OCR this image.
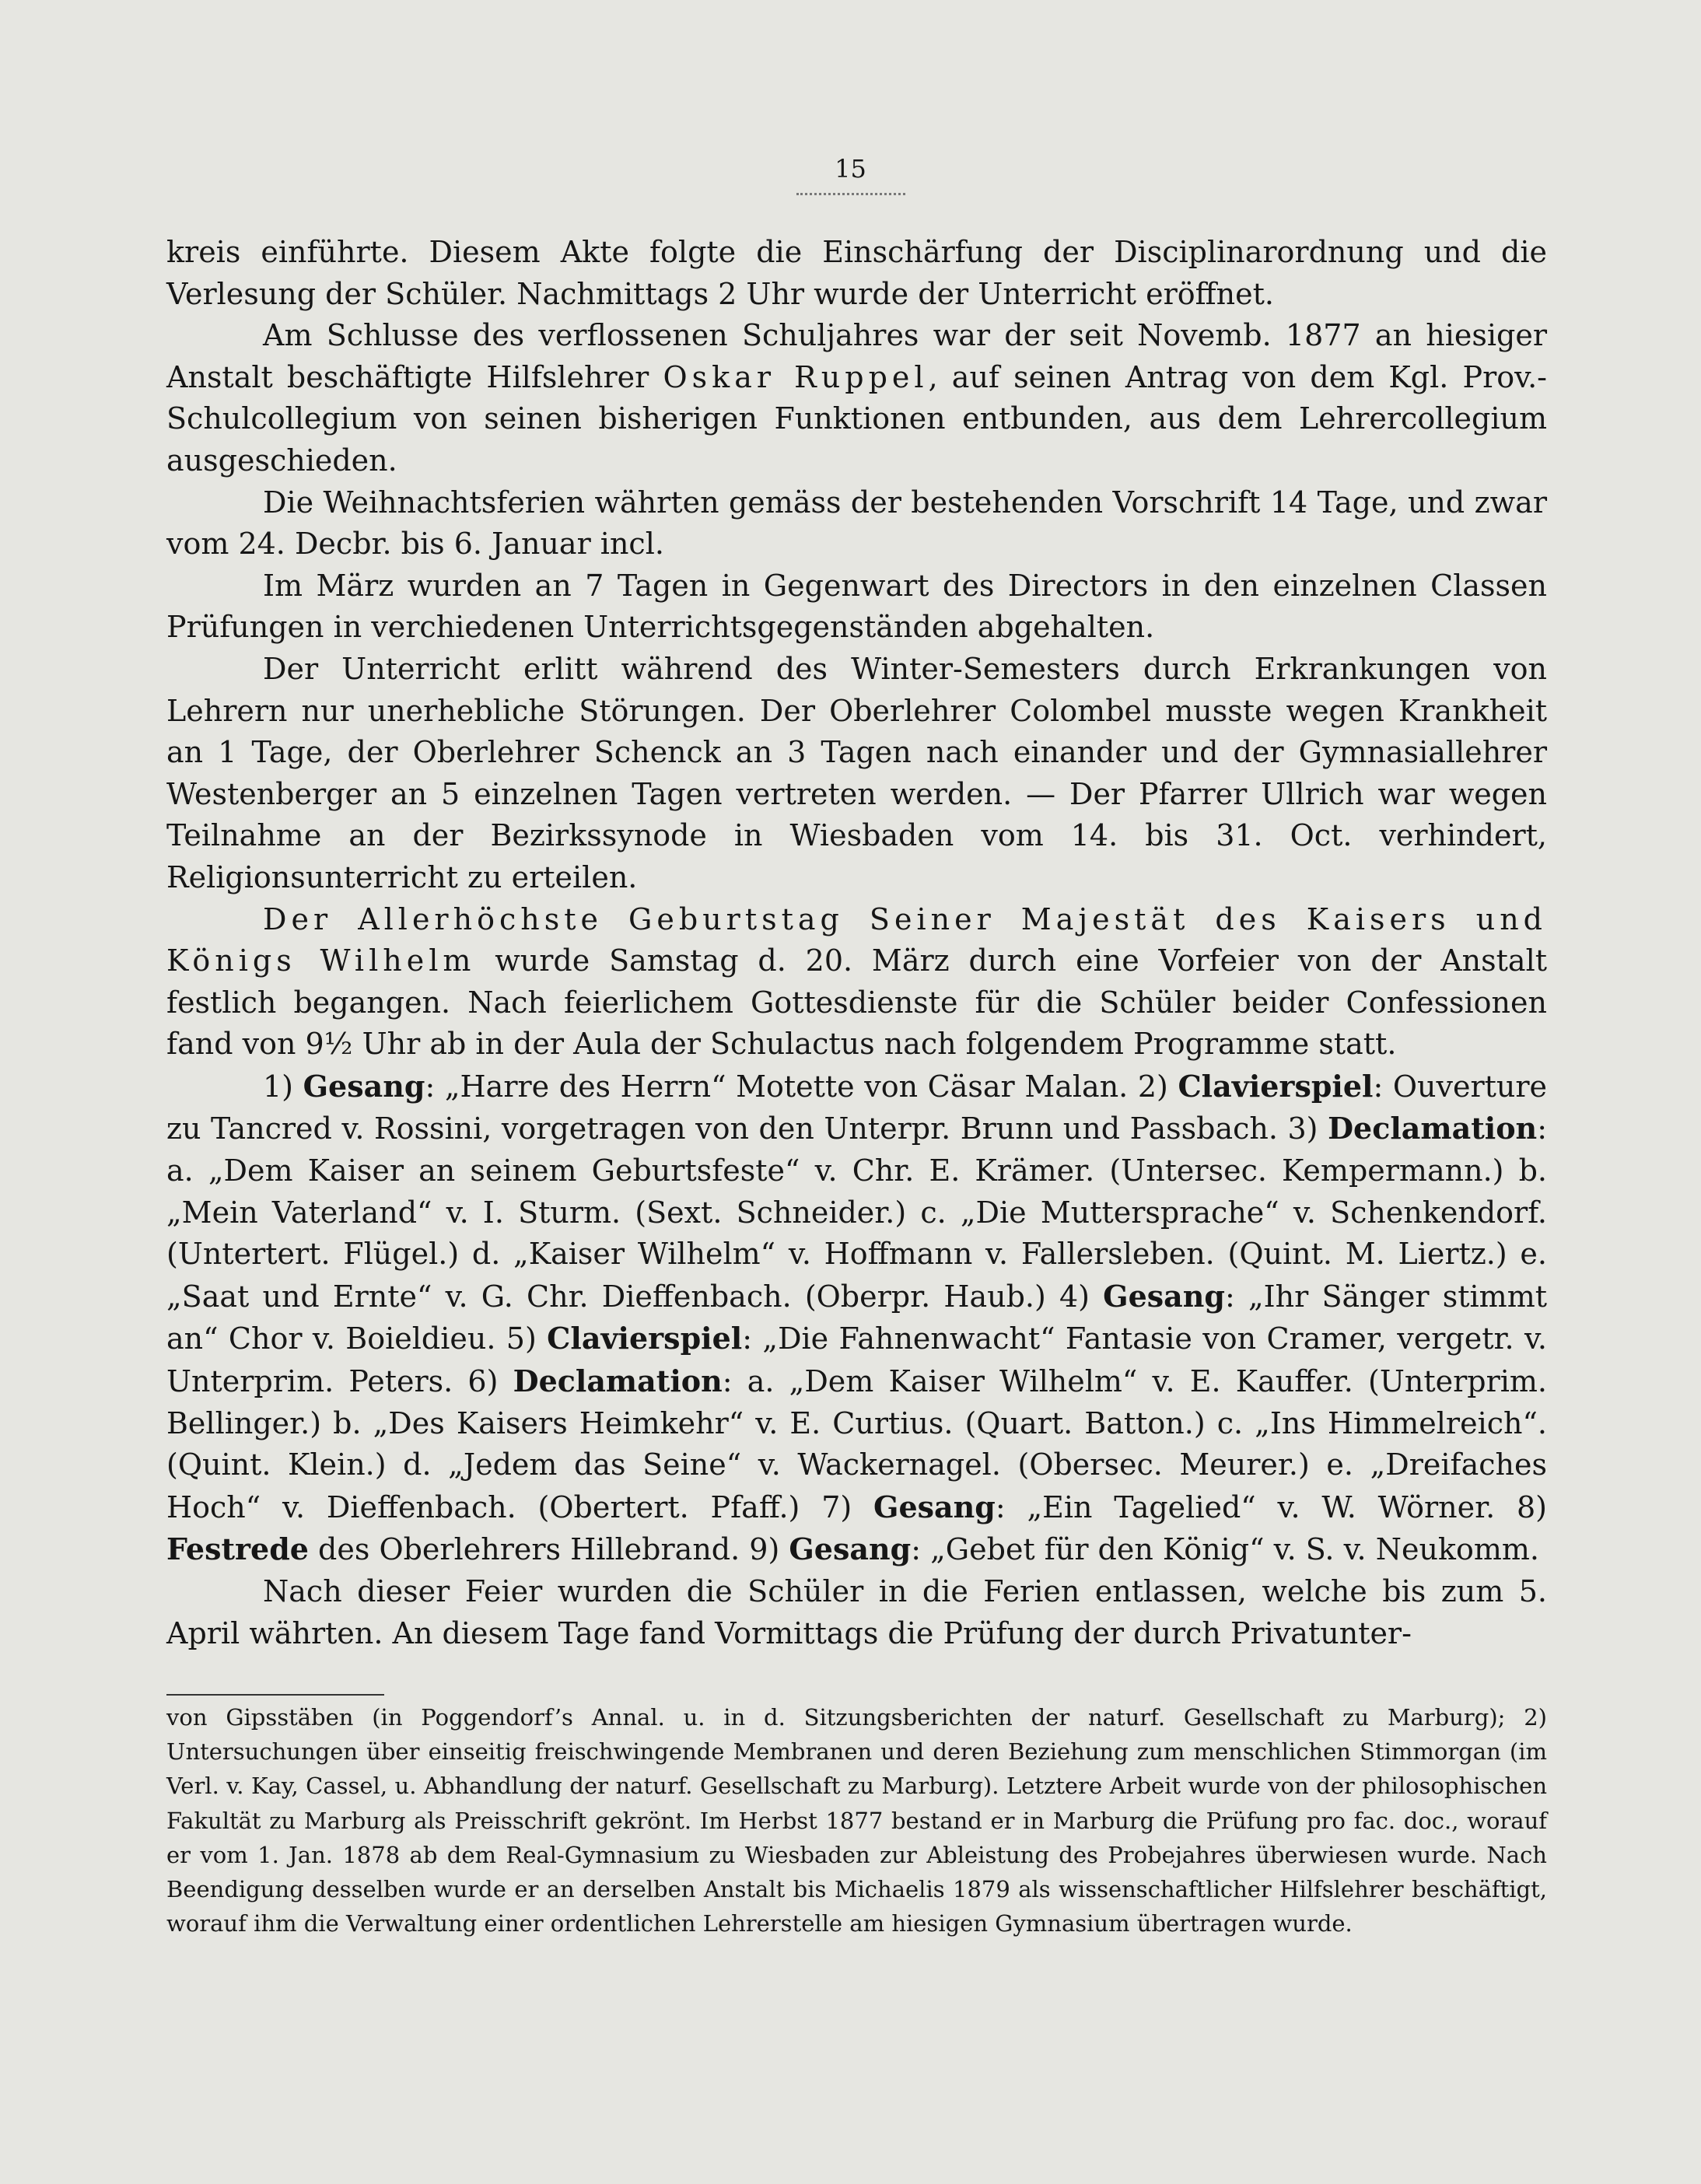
15

kreis einführte. Diesem Akte folgte die Einschärfung der Disciplinarordnung und die Verlesung der Schüler. Nachmittags 2 Uhr wurde der Unterricht eröffnet.

Am Schlusse des verflossenen Schuljahres war der seit Novemb. 1877 an hiesiger Anstalt beschäftigte Hilfslehrer Oskar Ruppel, auf seinen Antrag von dem Kgl. Prov.-Schulcollegium von seinen bisherigen Funktionen entbunden, aus dem Lehrercollegium ausgeschieden.

Die Weihnachtsferien währten gemäss der bestehenden Vorschrift 14 Tage, und zwar vom 24. Decbr. bis 6. Januar incl.

Im März wurden an 7 Tagen in Gegenwart des Directors in den einzelnen Classen Prüfungen in verchiedenen Unterrichtsgegenständen abgehalten.

Der Unterricht erlitt während des Winter-Semesters durch Erkrankungen von Lehrern nur unerhebliche Störungen. Der Oberlehrer Colombel musste wegen Krankheit an 1 Tage, der Oberlehrer Schenck an 3 Tagen nach einander und der Gymnasiallehrer Westenberger an 5 einzelnen Tagen vertreten werden. — Der Pfarrer Ullrich war wegen Teilnahme an der Bezirkssynode in Wiesbaden vom 14. bis 31. Oct. verhindert, Religionsunterricht zu erteilen.

Der Allerhöchste Geburtstag Seiner Majestät des Kaisers und Königs Wilhelm wurde Samstag d. 20. März durch eine Vorfeier von der Anstalt festlich begangen. Nach feierlichem Gottesdienste für die Schüler beider Confessionen fand von 9½ Uhr ab in der Aula der Schulactus nach folgendem Programme statt.

1) Gesang: „Harre des Herrn“ Motette von Cäsar Malan. 2) Clavierspiel: Ouverture zu Tancred v. Rossini, vorgetragen von den Unterpr. Brunn und Passbach. 3) Declamation: a. „Dem Kaiser an seinem Geburtsfeste“ v. Chr. E. Krämer. (Untersec. Kempermann.) b. „Mein Vaterland“ v. I. Sturm. (Sext. Schneider.) c. „Die Muttersprache“ v. Schenkendorf. (Untertert. Flügel.) d. „Kaiser Wilhelm“ v. Hoffmann v. Fallersleben. (Quint. M. Liertz.) e. „Saat und Ernte“ v. G. Chr. Dieffenbach. (Oberpr. Haub.) 4) Gesang: „Ihr Sänger stimmt an“ Chor v. Boieldieu. 5) Clavierspiel: „Die Fahnenwacht“ Fantasie von Cramer, vergetr. v. Unterprim. Peters. 6) Declamation: a. „Dem Kaiser Wilhelm“ v. E. Kauffer. (Unterprim. Bellinger.) b. „Des Kaisers Heimkehr“ v. E. Curtius. (Quart. Batton.) c. „Ins Himmelreich“. (Quint. Klein.) d. „Jedem das Seine“ v. Wackernagel. (Obersec. Meurer.) e. „Dreifaches Hoch“ v. Dieffenbach. (Obertert. Pfaff.) 7) Gesang: „Ein Tagelied“ v. W. Wörner. 8) Festrede des Oberlehrers Hillebrand. 9) Gesang: „Gebet für den König“ v. S. v. Neukomm.

Nach dieser Feier wurden die Schüler in die Ferien entlassen, welche bis zum 5. April währten. An diesem Tage fand Vormittags die Prüfung der durch Privatunter-

von Gipsstäben (in Poggendorf’s Annal. u. in d. Sitzungsberichten der naturf. Gesellschaft zu Marburg); 2) Untersuchungen über einseitig freischwingende Membranen und deren Beziehung zum menschlichen Stimmorgan (im Verl. v. Kay, Cassel, u. Abhandlung der naturf. Gesellschaft zu Marburg). Letztere Arbeit wurde von der philosophischen Fakultät zu Marburg als Preisschrift gekrönt. Im Herbst 1877 bestand er in Marburg die Prüfung pro fac. doc., worauf er vom 1. Jan. 1878 ab dem Real-Gymnasium zu Wiesbaden zur Ableistung des Probejahres überwiesen wurde. Nach Beendigung desselben wurde er an derselben Anstalt bis Michaelis 1879 als wissenschaftlicher Hilfslehrer beschäftigt, worauf ihm die Verwaltung einer ordentlichen Lehrerstelle am hiesigen Gymnasium übertragen wurde.
